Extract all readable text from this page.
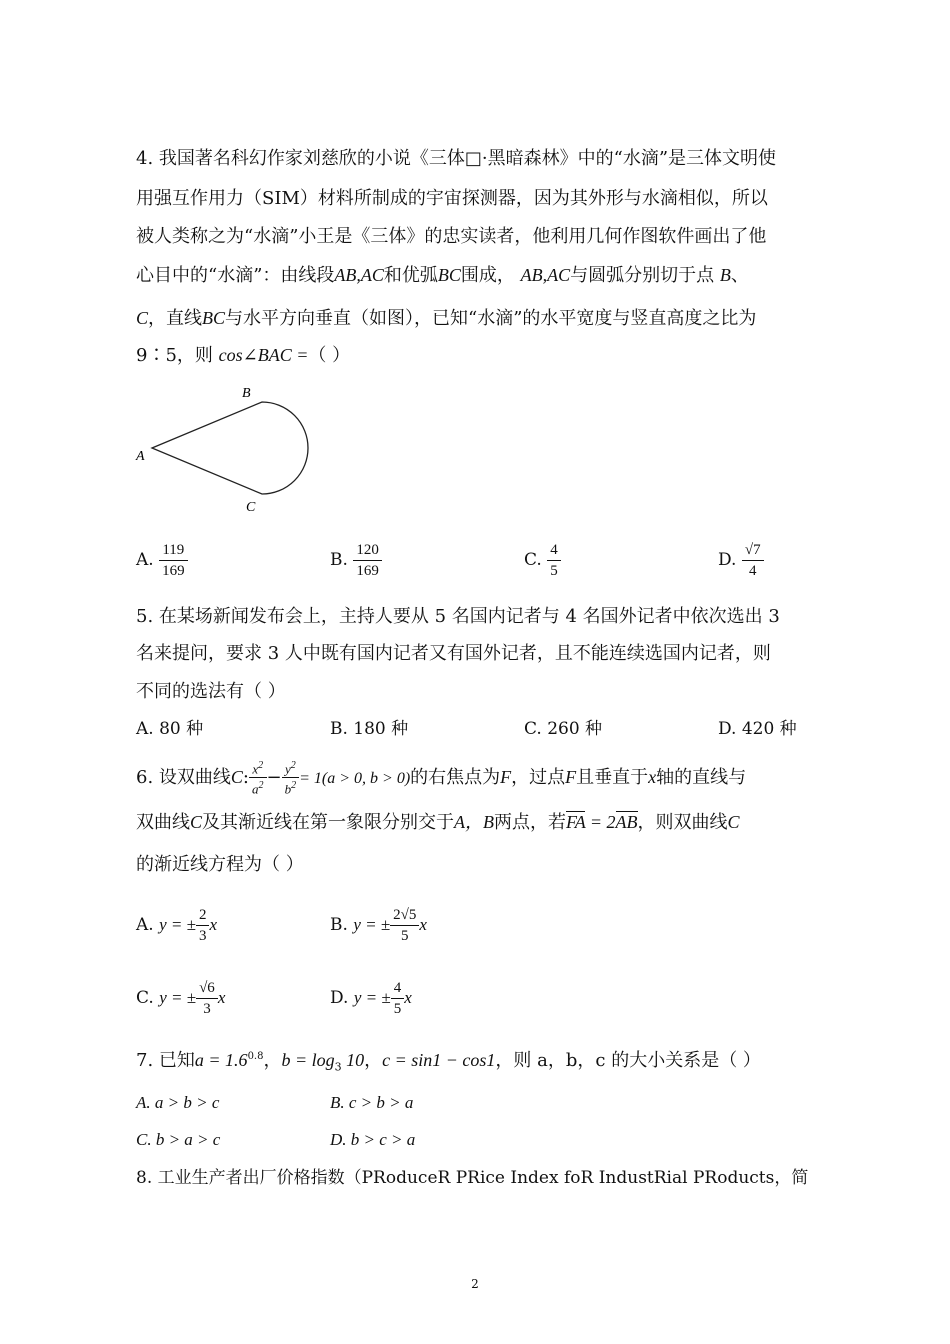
4. 我国著名科幻作家刘慈欣的小说《三体□·黑暗森林》中的“水滴”是三体文明使
用强互作用力（SIM）材料所制成的宇宙探测器，因为其外形与水滴相似，所以
被人类称之为“水滴”小王是《三体》的忠实读者，他利用几何作图软件画出了他
心目中的“水滴”：由线段AB,AC和优弧BC围成， AB,AC与圆弧分别切于点 B、
C，直线BC与水平方向垂直（如图），已知“水滴”的水平宽度与竖直高度之比为
9∶5，则 cos∠BAC =（ ）
A
B
C
A. $\frac{119}{169}$	B. $\frac{120}{169}$	C. $\frac{4}{5}$	D. $\frac{√7}{4}$
5. 在某场新闻发布会上，主持人要从 5 名国内记者与 4 名国外记者中依次选出 3
名来提问，要求 3 人中既有国内记者又有国外记者，且不能连续选国内记者，则
不同的选法有（ ）
A. 80 种	B. 180 种	C. 260 种	D. 420 种
6. 设双曲线C: $\frac{x^2}{a^2} - \frac{y^2}{b^2} = 1(a > 0$, b > 0)的右焦点为F，过点F且垂直于x轴的直线与
双曲线C及其渐近线在第一象限分别交于A，B两点，若FA = 2AB，则双曲线C
的渐近线方程为（ ）
A. y = ± $\frac{2}{3}$ x	B. y = ± $\frac{2√5}{5}$ x
C. y = ± $\frac{√6}{3}$ x	D. y = ± $\frac{4}{5}$ x
7. 已知$a = 1.6^{0.8}$，$b = \log_3 10$，c = sin1 − cos1，则 a，b，c 的大小关系是（ ）
A. a > b > c	B. c > b > a
C. b > a > c	D. b > c > a
8. 工业生产者出厂价格指数（PRoduceR PRice Index foR IndustRial PRoducts，简
2
